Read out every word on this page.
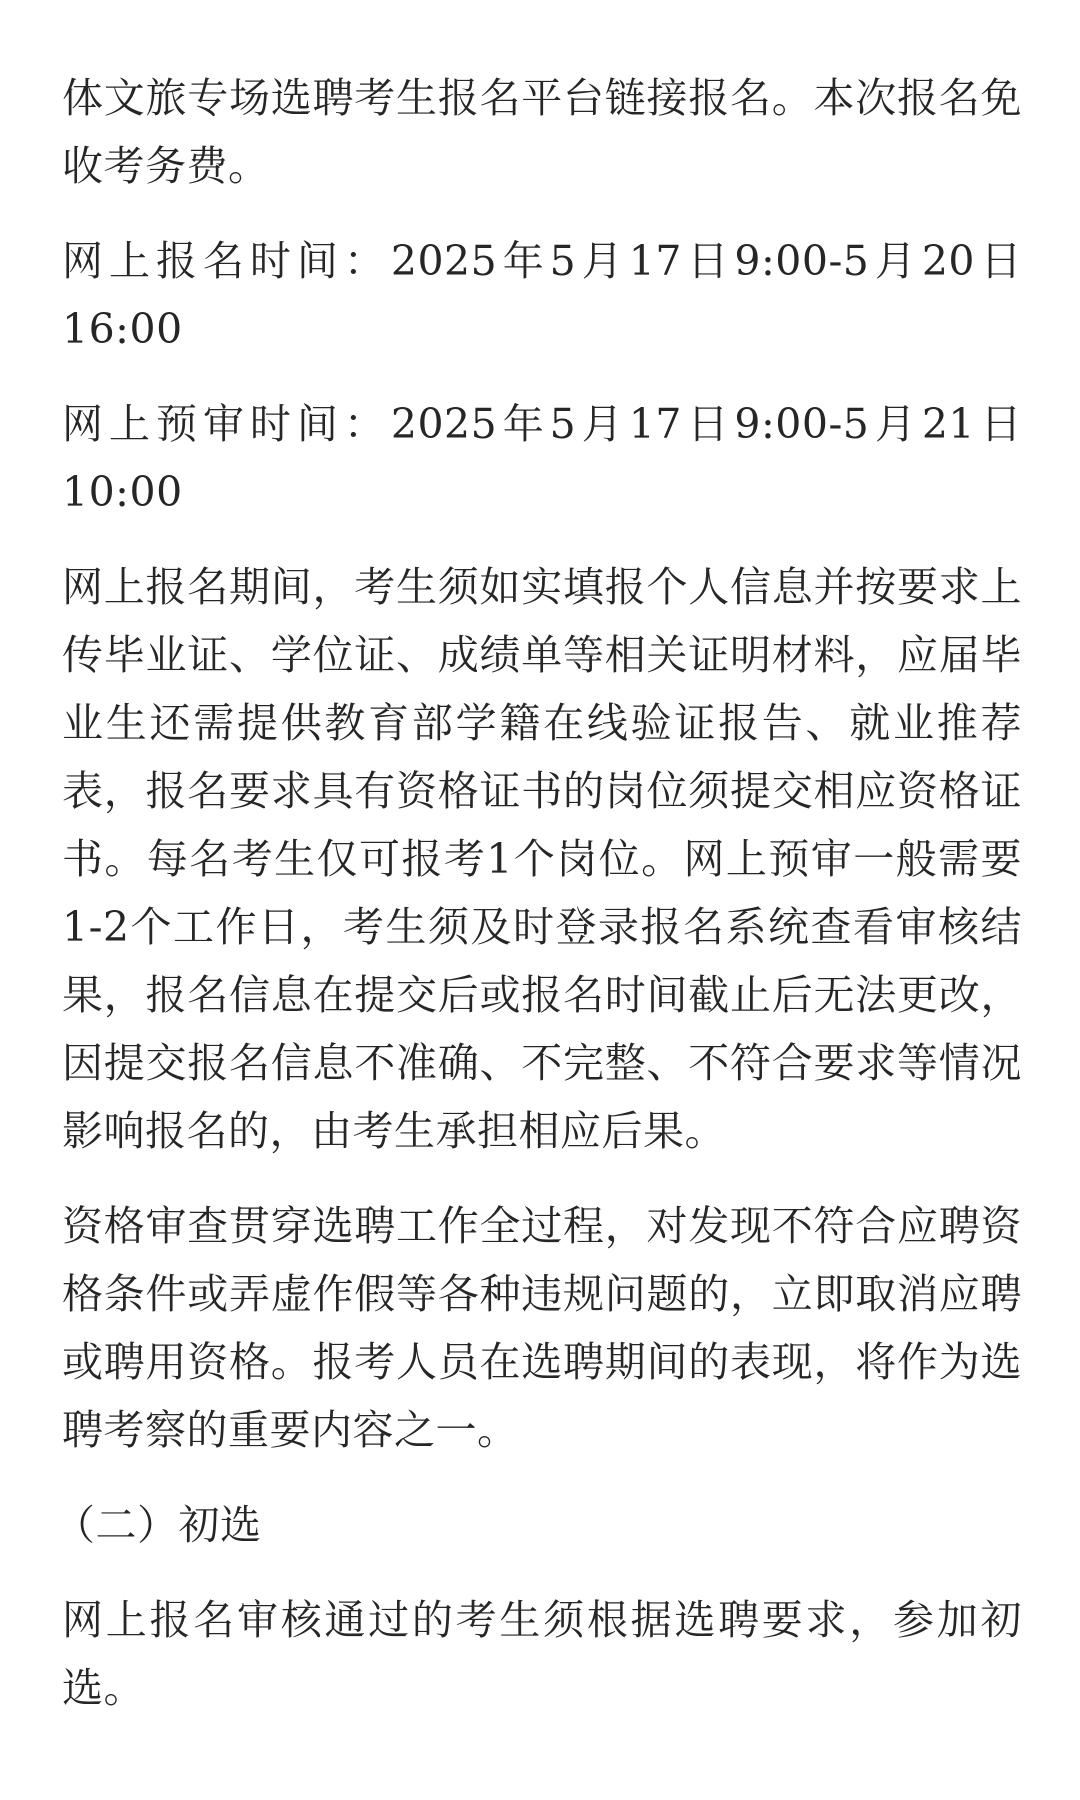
体文旅专场选聘考生报名平台链接报名。本次报名免收考务费。

网上报名时间：2025年5月17日9:00-5月20日16:00

网上预审时间：2025年5月17日9:00-5月21日10:00

网上报名期间，考生须如实填报个人信息并按要求上传毕业证、学位证、成绩单等相关证明材料，应届毕业生还需提供教育部学籍在线验证报告、就业推荐表，报名要求具有资格证书的岗位须提交相应资格证书。每名考生仅可报考1个岗位。网上预审一般需要1-2个工作日，考生须及时登录报名系统查看审核结果，报名信息在提交后或报名时间截止后无法更改，因提交报名信息不准确、不完整、不符合要求等情况影响报名的，由考生承担相应后果。

资格审查贯穿选聘工作全过程，对发现不符合应聘资格条件或弄虚作假等各种违规问题的，立即取消应聘或聘用资格。报考人员在选聘期间的表现，将作为选聘考察的重要内容之一。

（二）初选

网上报名审核通过的考生须根据选聘要求，参加初选。
